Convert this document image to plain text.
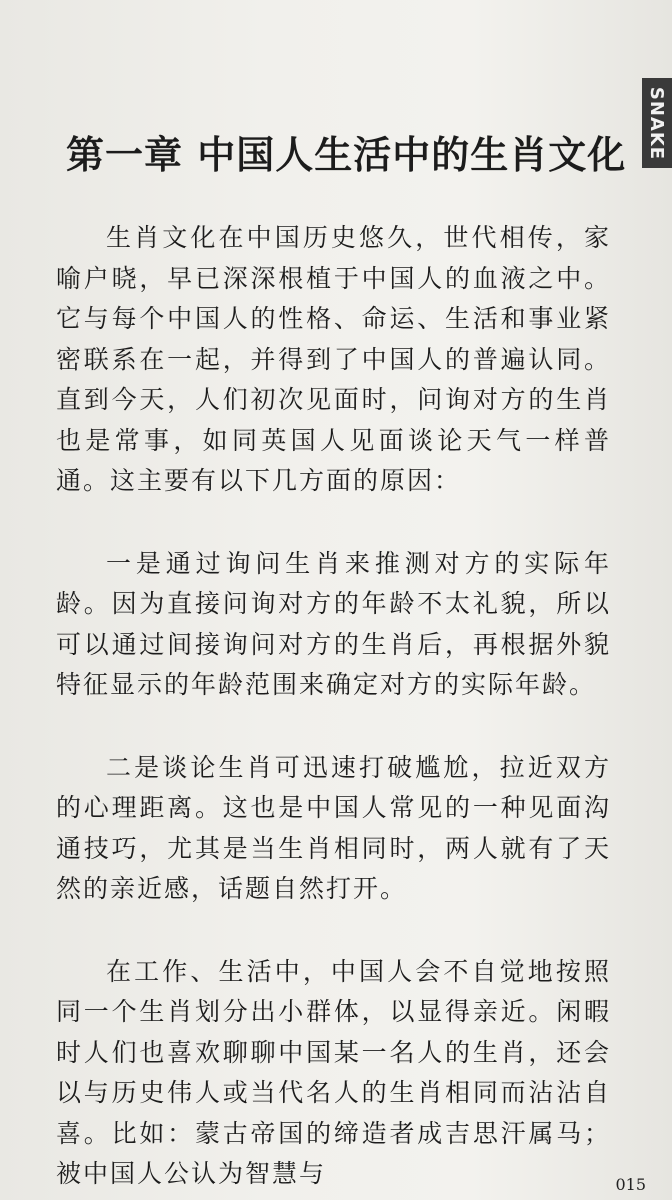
SNAKE
第一章 中国人生活中的生肖文化

生肖文化在中国历史悠久，世代相传，家喻户晓，早已深深根植于中国人的血液之中。它与每个中国人的性格、命运、生活和事业紧密联系在一起，并得到了中国人的普遍认同。直到今天，人们初次见面时，问询对方的生肖也是常事，如同英国人见面谈论天气一样普通。这主要有以下几方面的原因：

一是通过询问生肖来推测对方的实际年龄。因为直接问询对方的年龄不太礼貌，所以可以通过间接询问对方的生肖后，再根据外貌特征显示的年龄范围来确定对方的实际年龄。

二是谈论生肖可迅速打破尴尬，拉近双方的心理距离。这也是中国人常见的一种见面沟通技巧，尤其是当生肖相同时，两人就有了天然的亲近感，话题自然打开。

在工作、生活中，中国人会不自觉地按照同一个生肖划分出小群体，以显得亲近。闲暇时人们也喜欢聊聊中国某一名人的生肖，还会以与历史伟人或当代名人的生肖相同而沾沾自喜。比如：蒙古帝国的缔造者成吉思汗属马；被中国人公认为智慧与	015
